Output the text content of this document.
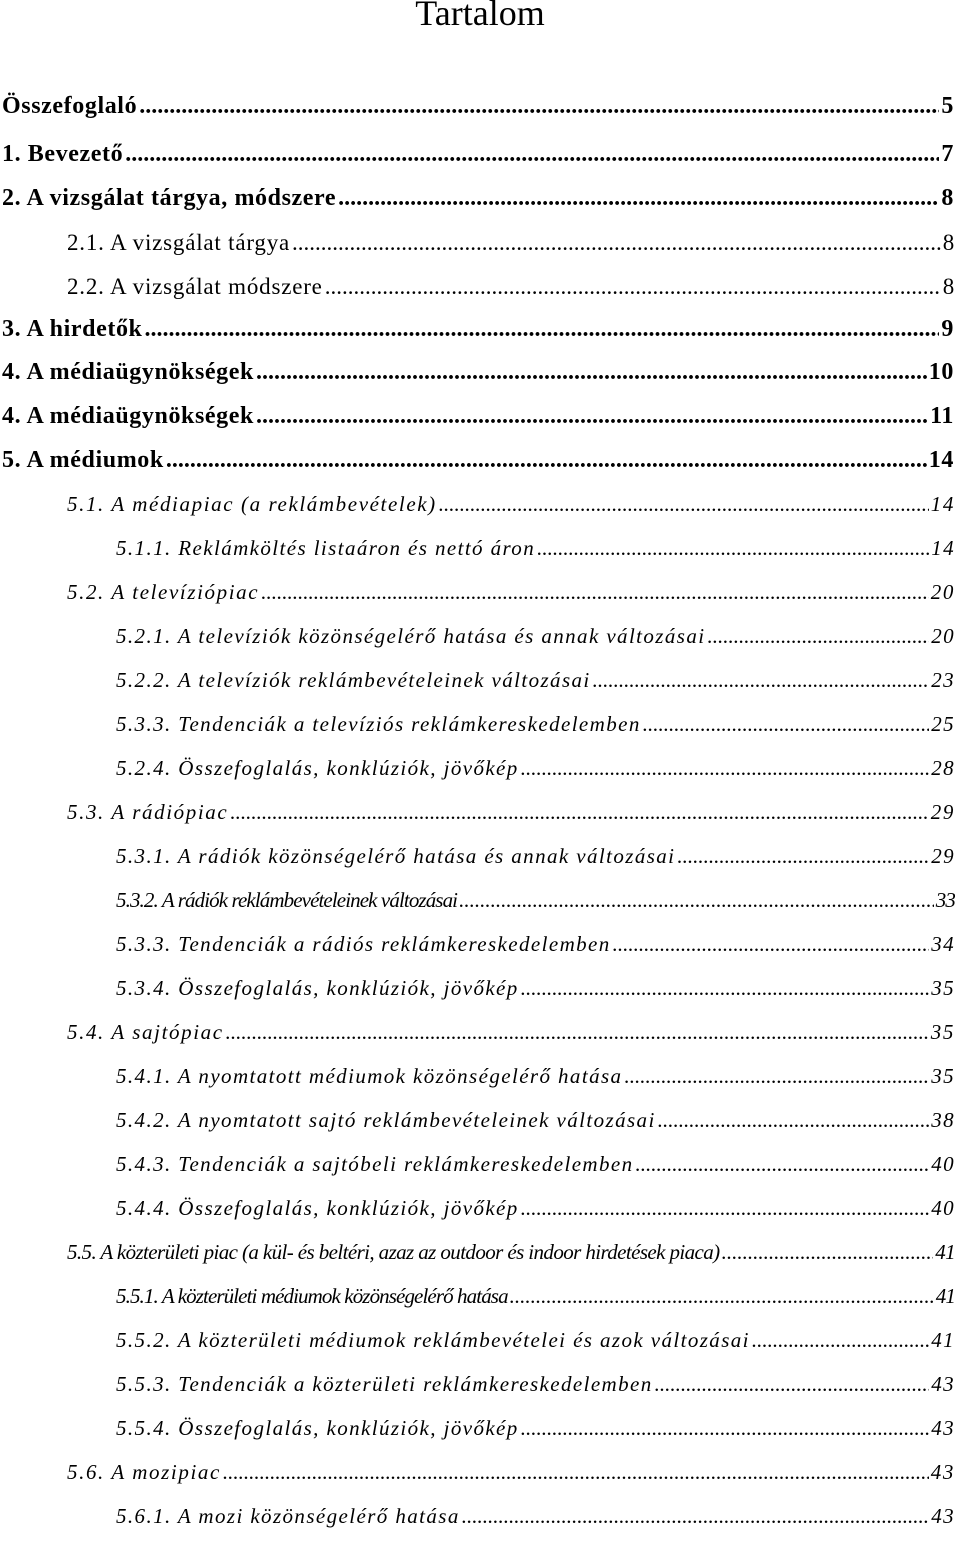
Tartalom
Összefoglaló .....	5
1. Bevezető .....	7
2. A vizsgálat tárgya, módszere .....	8
2.1. A vizsgálat tárgya .....	8
2.2. A vizsgálat módszere .....	8
3. A hirdetők .....	9
4. A médiaügynökségek .....	10
4. A médiaügynökségek .....	11
5. A médiumok .....	14
5.1. A médiapiac (a reklámbevételek) .....	14
5.1.1. Reklámköltés listaáron és nettó áron .....	14
5.2. A televíziópiac .....	20
5.2.1. A televíziók közönségelérő hatása és annak változásai .....	20
5.2.2. A televíziók reklámbevételeinek változásai .....	23
5.3.3. Tendenciák a televíziós reklámkereskedelemben .....	25
5.2.4. Összefoglalás, konklúziók, jövőkép .....	28
5.3. A rádiópiac .....	29
5.3.1. A rádiók közönségelérő hatása és annak változásai .....	29
5.3.2. A rádiók reklámbevételeinek változásai .....	33
5.3.3. Tendenciák a rádiós reklámkereskedelemben .....	34
5.3.4. Összefoglalás, konklúziók, jövőkép .....	35
5.4. A sajtópiac .....	35
5.4.1. A nyomtatott médiumok közönségelérő hatása .....	35
5.4.2. A nyomtatott sajtó reklámbevételeinek változásai .....	38
5.4.3. Tendenciák a sajtóbeli reklámkereskedelemben .....	40
5.4.4. Összefoglalás, konklúziók, jövőkép .....	40
5.5. A közterületi piac (a kül- és beltéri, azaz az outdoor és indoor hirdetések piaca) .....	41
5.5.1. A közterületi médiumok közönségelérő hatása .....	41
5.5.2. A közterületi médiumok reklámbevételei és azok változásai .....	41
5.5.3. Tendenciák a közterületi reklámkereskedelemben .....	43
5.5.4. Összefoglalás, konklúziók, jövőkép .....	43
5.6. A mozipiac .....	43
5.6.1. A mozi közönségelérő hatása .....	43
